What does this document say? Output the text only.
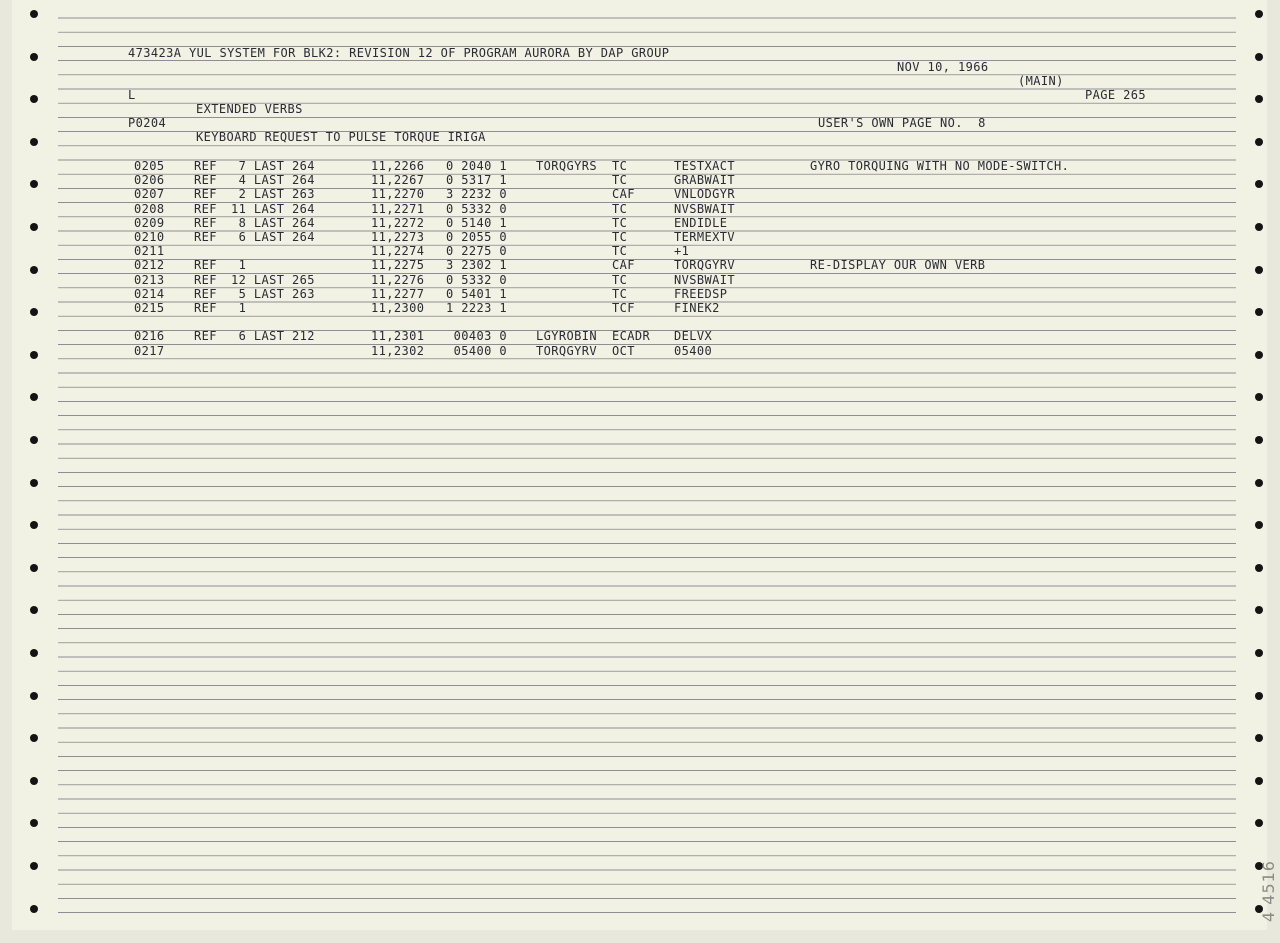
473423A YUL SYSTEM FOR BLK2: REVISION 12 OF PROGRAM AURORA BY DAP GROUP

NOV 10, 1966

(MAIN)

PAGE 265

L

EXTENDED VERBS

USER'S OWN PAGE NO.  8

P0204

KEYBOARD REQUEST TO PULSE TORQUE IRIGA

0205 REF 7 LAST 264	11,2266 0 2040 1 TORQGYRS TC	TESTXACT	GYRO TORQUING WITH NO MODE-SWITCH.
0206 REF 4 LAST 264	11,2267 0 5317 1	TC	GRABWAIT
0207 REF 2 LAST 263	11,2270 3 2232 0	CAF	VNLODGYR
0208 REF 11 LAST 264	11,2271 0 5332 0	TC	NVSBWAIT
0209 REF 8 LAST 264	11,2272 0 5140 1	TC	ENDIDLE
0210 REF 6 LAST 264	11,2273 0 2055 0	TC	TERMEXTV
0211	11,2274 0 2275 0	TC	+1
0212 REF 1	11,2275 3 2302 1	CAF	TORQGYRV	RE-DISPLAY OUR OWN VERB
0213 REF 12 LAST 265	11,2276 0 5332 0	TC	NVSBWAIT
0214 REF 5 LAST 263	11,2277 0 5401 1	TC	FREEDSP
0215 REF 1	11,2300 1 2223 1	TCF	FINEK2
0216 REF 6 LAST 212	11,2301 00403 0 LGYROBIN ECADR DELVX
0217	11,2302 05400 0 TORQGYRV OCT	05400
4 4516
